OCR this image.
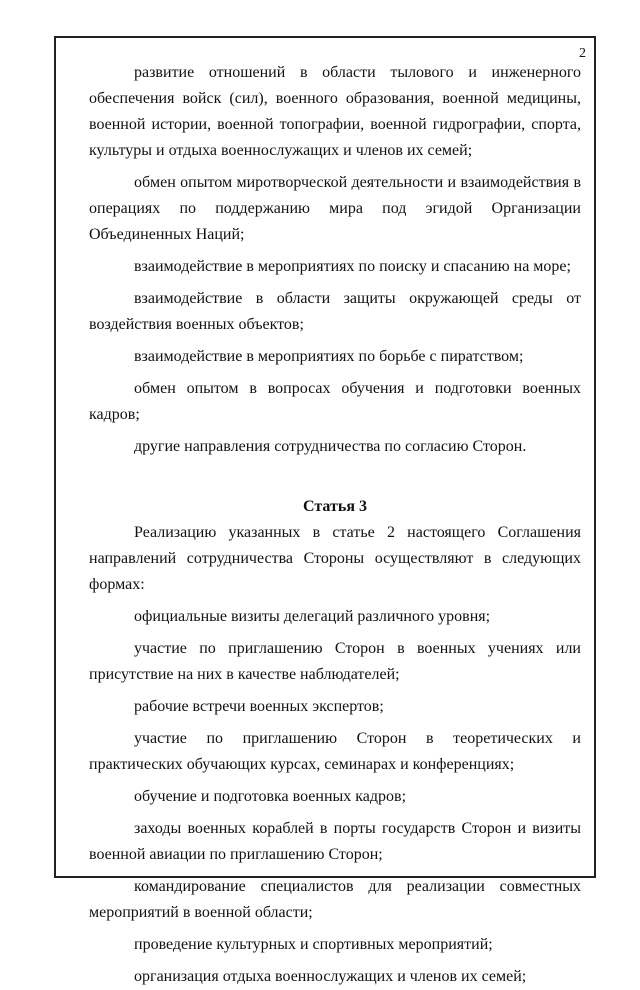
2

развитие отношений в области тылового и инженерного обеспечения войск (сил), военного образования, военной медицины, военной истории, военной топографии, военной гидрографии, спорта, культуры и отдыха военнослужащих и членов их семей;

обмен опытом миротворческой деятельности и взаимодействия в операциях по поддержанию мира под эгидой Организации Объединенных Наций;

взаимодействие в мероприятиях по поиску и спасанию на море;

взаимодействие в области защиты окружающей среды от воздействия военных объектов;

взаимодействие в мероприятиях по борьбе с пиратством;

обмен опытом в вопросах обучения и подготовки военных кадров;

другие направления сотрудничества по согласию Сторон.

Статья 3

Реализацию указанных в статье 2 настоящего Соглашения направлений сотрудничества Стороны осуществляют в следующих формах:

официальные визиты делегаций различного уровня;

участие по приглашению Сторон в военных учениях или присутствие на них в качестве наблюдателей;

рабочие встречи военных экспертов;

участие по приглашению Сторон в теоретических и практических обучающих курсах, семинарах и конференциях;

обучение и подготовка военных кадров;

заходы военных кораблей в порты государств Сторон и визиты военной авиации по приглашению Сторон;

командирование специалистов для реализации совместных мероприятий в военной области;

проведение культурных и спортивных мероприятий;

организация отдыха военнослужащих и членов их семей;
